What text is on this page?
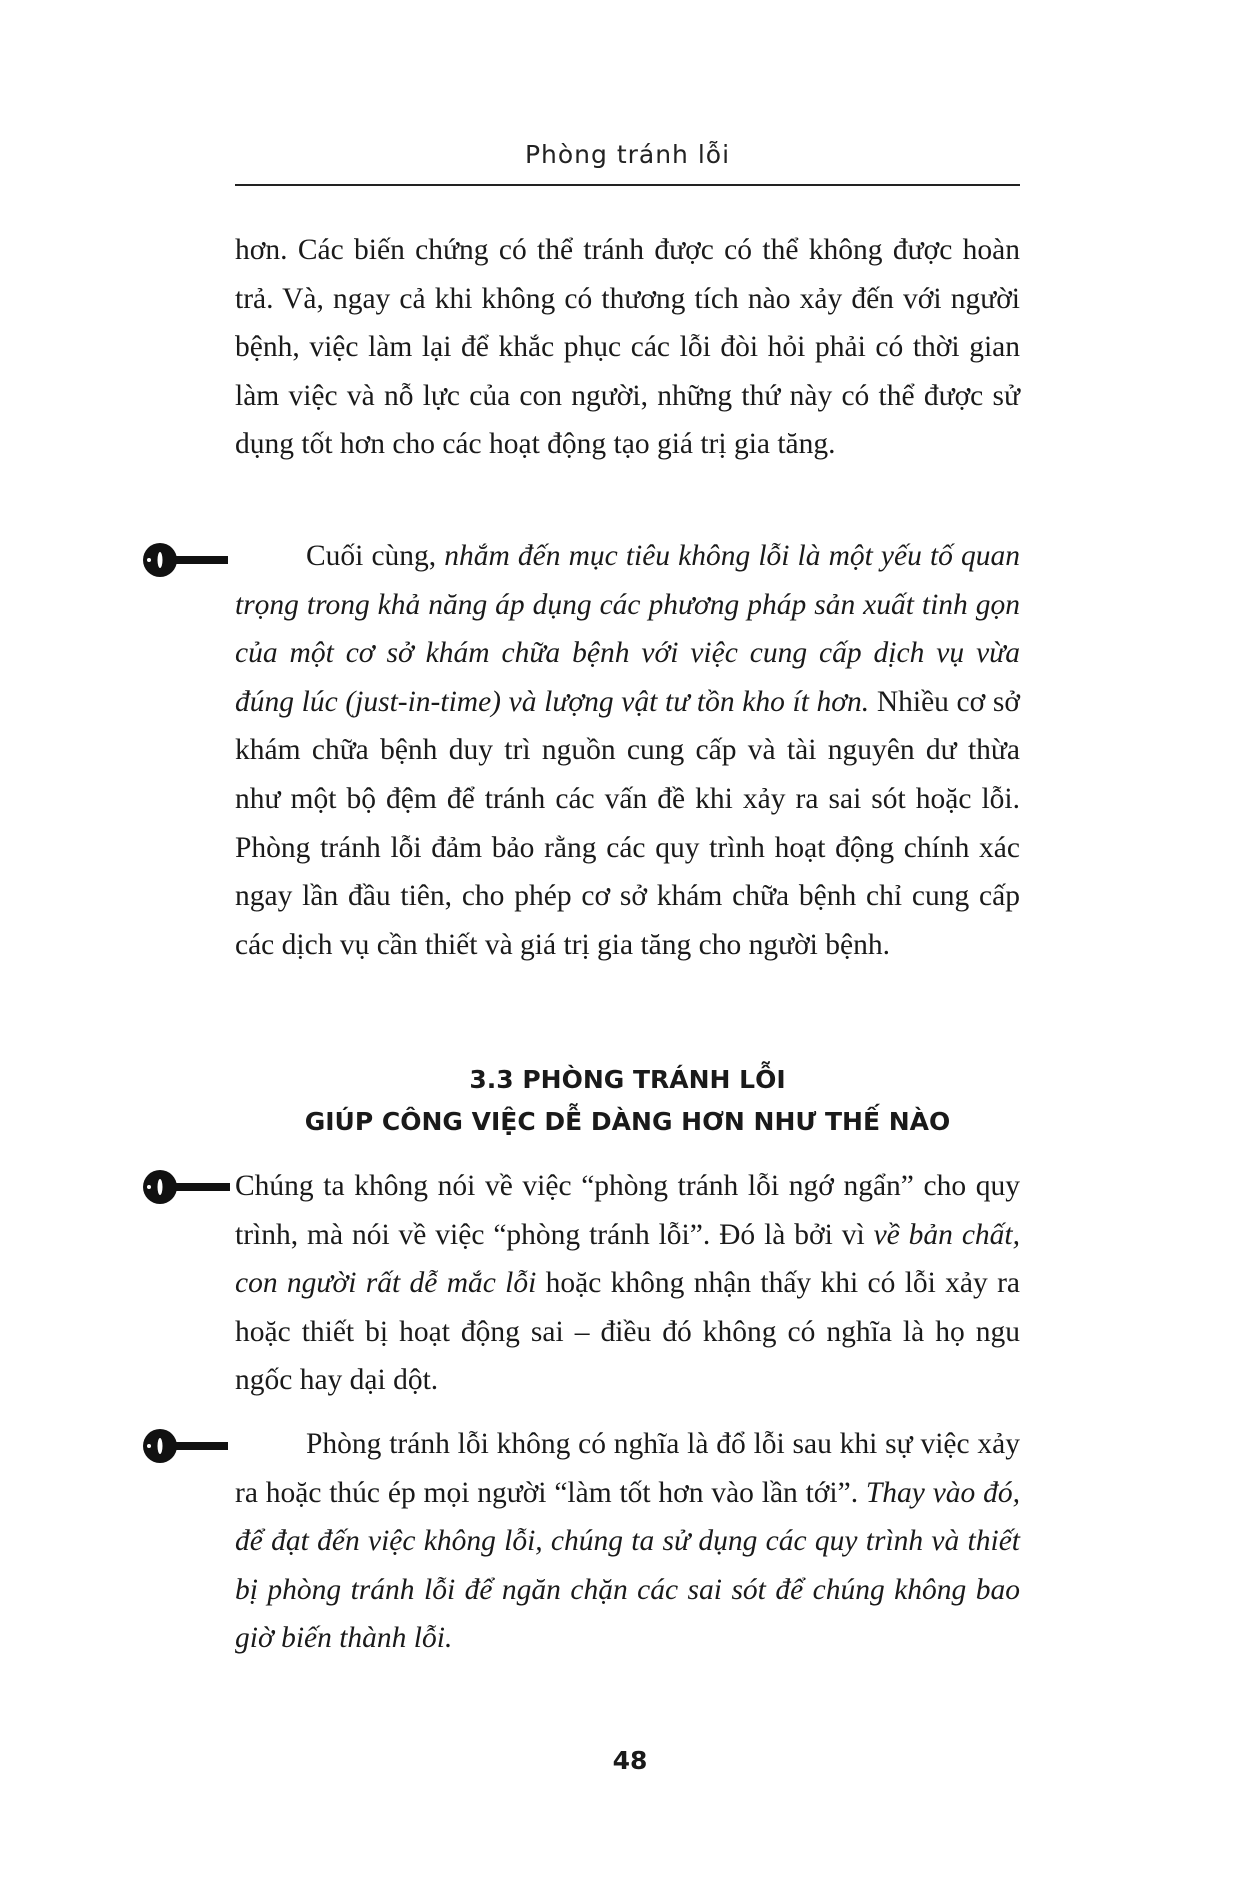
Phòng tránh lỗi
hơn. Các biến chứng có thể tránh được có thể không được hoàn trả. Và, ngay cả khi không có thương tích nào xảy đến với người bệnh, việc làm lại để khắc phục các lỗi đòi hỏi phải có thời gian làm việc và nỗ lực của con người, những thứ này có thể được sử dụng tốt hơn cho các hoạt động tạo giá trị gia tăng.
Cuối cùng, nhắm đến mục tiêu không lỗi là một yếu tố quan trọng trong khả năng áp dụng các phương pháp sản xuất tinh gọn của một cơ sở khám chữa bệnh với việc cung cấp dịch vụ vừa đúng lúc (just-in-time) và lượng vật tư tồn kho ít hơn. Nhiều cơ sở khám chữa bệnh duy trì nguồn cung cấp và tài nguyên dư thừa như một bộ đệm để tránh các vấn đề khi xảy ra sai sót hoặc lỗi. Phòng tránh lỗi đảm bảo rằng các quy trình hoạt động chính xác ngay lần đầu tiên, cho phép cơ sở khám chữa bệnh chỉ cung cấp các dịch vụ cần thiết và giá trị gia tăng cho người bệnh.
3.3 PHÒNG TRÁNH LỖI
GIÚP CÔNG VIỆC DỄ DÀNG HƠN NHƯ THẾ NÀO
Chúng ta không nói về việc “phòng tránh lỗi ngớ ngẩn” cho quy trình, mà nói về việc “phòng tránh lỗi”. Đó là bởi vì về bản chất, con người rất dễ mắc lỗi hoặc không nhận thấy khi có lỗi xảy ra hoặc thiết bị hoạt động sai – điều đó không có nghĩa là họ ngu ngốc hay dại dột.
Phòng tránh lỗi không có nghĩa là đổ lỗi sau khi sự việc xảy ra hoặc thúc ép mọi người “làm tốt hơn vào lần tới”. Thay vào đó, để đạt đến việc không lỗi, chúng ta sử dụng các quy trình và thiết bị phòng tránh lỗi để ngăn chặn các sai sót để chúng không bao giờ biến thành lỗi.
48
